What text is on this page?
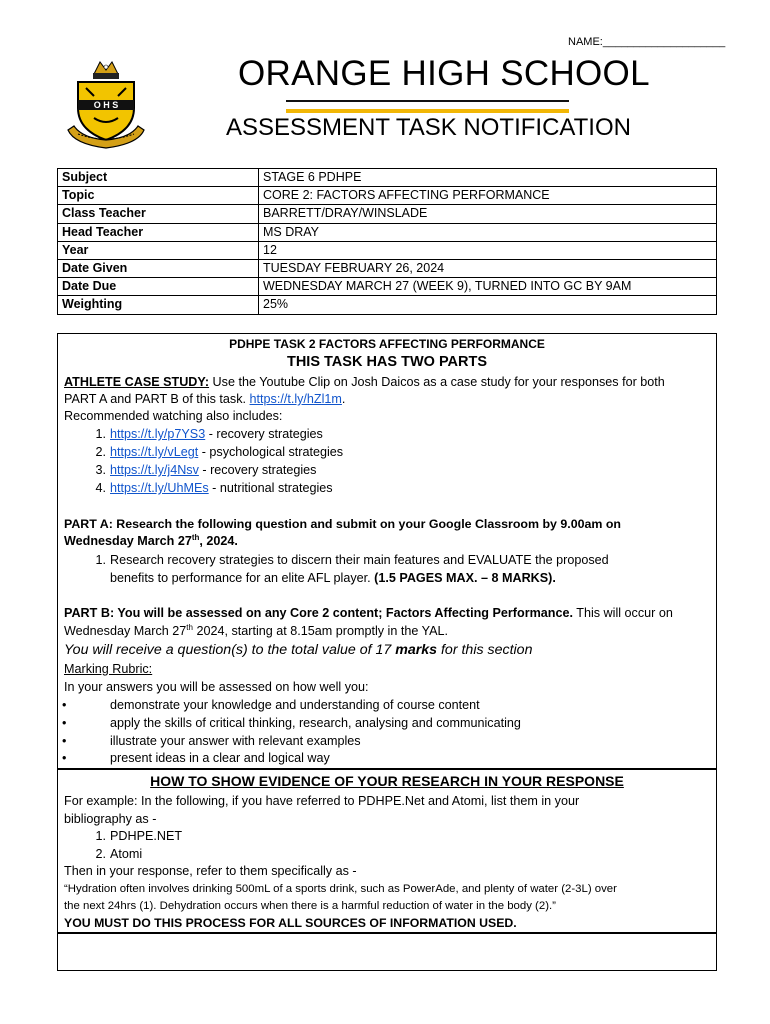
NAME:____________________
O H S
ORANGE HIGH SCHOOL
ASSESSMENT TASK NOTIFICATION
Subject	STAGE 6 PDHPE
Topic	CORE 2: FACTORS AFFECTING PERFORMANCE
Class Teacher	BARRETT/DRAY/WINSLADE
Head Teacher	MS DRAY
Year	12
Date Given	TUESDAY FEBRUARY 26, 2024
Date Due	WEDNESDAY MARCH 27 (WEEK 9), TURNED INTO GC BY 9AM
Weighting	25%
PDHPE TASK 2 FACTORS AFFECTING PERFORMANCE
THIS TASK HAS TWO PARTS
ATHLETE CASE STUDY: Use the Youtube Clip on Josh Daicos as a case study for your responses for both
PART A and PART B of this task. https://t.ly/hZl1m.
Recommended watching also includes:
1. https://t.ly/p7YS3 - recovery strategies
2. https://t.ly/vLegt - psychological strategies
3. https://t.ly/j4Nsv - recovery strategies
4. https://t.ly/UhMEs - nutritional strategies
PART A: Research the following question and submit on your Google Classroom by 9.00am on
Wednesday March 27th, 2024.
1. Research recovery strategies to discern their main features and EVALUATE the proposed
benefits to performance for an elite AFL player. (1.5 PAGES MAX. – 8 MARKS).
PART B: You will be assessed on any Core 2 content; Factors Affecting Performance. This will occur on
Wednesday March 27th 2024, starting at 8.15am promptly in the YAL.
You will receive a question(s) to the total value of 17 marks for this section
Marking Rubric:
In your answers you will be assessed on how well you:
•	demonstrate your knowledge and understanding of course content
•	apply the skills of critical thinking, research, analysing and communicating
•	illustrate your answer with relevant examples
•	present ideas in a clear and logical way
HOW TO SHOW EVIDENCE OF YOUR RESEARCH IN YOUR RESPONSE
For example: In the following, if you have referred to PDHPE.Net and Atomi, list them in your
bibliography as -
1. PDHPE.NET
2. Atomi
Then in your response, refer to them specifically as -
“Hydration often involves drinking 500mL of a sports drink, such as PowerAde, and plenty of water (2-3L) over
the next 24hrs (1). Dehydration occurs when there is a harmful reduction of water in the body (2).”
YOU MUST DO THIS PROCESS FOR ALL SOURCES OF INFORMATION USED.
